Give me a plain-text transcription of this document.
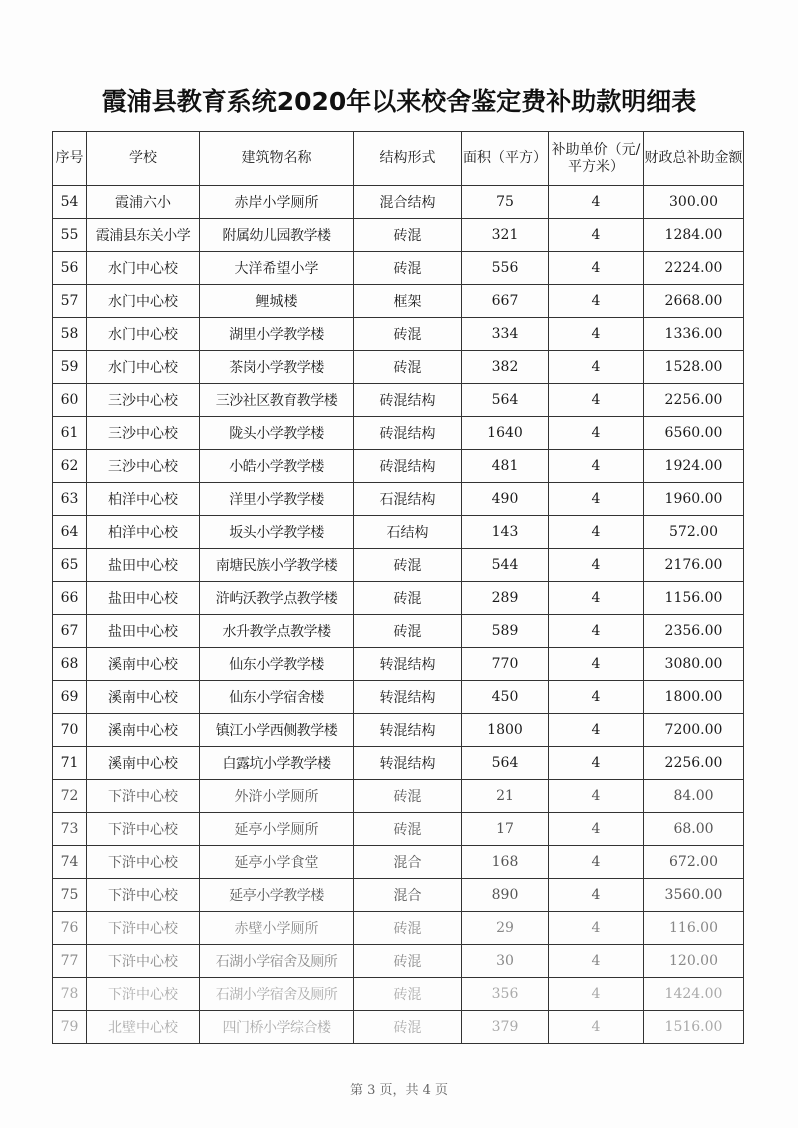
霞浦县教育系统2020年以来校舍鉴定费补助款明细表
序号	学校	建筑物名称	结构形式	面积（平方）	补助单价（元/平方米）	财政总补助金额
54	霞浦六小	赤岸小学厕所	混合结构	75	4	300.00
55	霞浦县东关小学	附属幼儿园教学楼	砖混	321	4	1284.00
56	水门中心校	大洋希望小学	砖混	556	4	2224.00
57	水门中心校	鲤城楼	框架	667	4	2668.00
58	水门中心校	湖里小学教学楼	砖混	334	4	1336.00
59	水门中心校	茶岗小学教学楼	砖混	382	4	1528.00
60	三沙中心校	三沙社区教育教学楼	砖混结构	564	4	2256.00
61	三沙中心校	陇头小学教学楼	砖混结构	1640	4	6560.00
62	三沙中心校	小皓小学教学楼	砖混结构	481	4	1924.00
63	柏洋中心校	洋里小学教学楼	石混结构	490	4	1960.00
64	柏洋中心校	坂头小学教学楼	石结构	143	4	572.00
65	盐田中心校	南塘民族小学教学楼	砖混	544	4	2176.00
66	盐田中心校	浒屿沃教学点教学楼	砖混	289	4	1156.00
67	盐田中心校	水升教学点教学楼	砖混	589	4	2356.00
68	溪南中心校	仙东小学教学楼	转混结构	770	4	3080.00
69	溪南中心校	仙东小学宿舍楼	转混结构	450	4	1800.00
70	溪南中心校	镇江小学西侧教学楼	转混结构	1800	4	7200.00
71	溪南中心校	白露坑小学教学楼	转混结构	564	4	2256.00
72	下浒中心校	外浒小学厕所	砖混	21	4	84.00
73	下浒中心校	延亭小学厕所	砖混	17	4	68.00
74	下浒中心校	延亭小学食堂	混合	168	4	672.00
75	下浒中心校	延亭小学教学楼	混合	890	4	3560.00
76	下浒中心校	赤壁小学厕所	砖混	29	4	116.00
77	下浒中心校	石湖小学宿舍及厕所	砖混	30	4	120.00
78	下浒中心校	石湖小学宿舍及厕所	砖混	356	4	1424.00
79	北壁中心校	四门桥小学综合楼	砖混	379	4	1516.00
第 3 页，共 4 页
